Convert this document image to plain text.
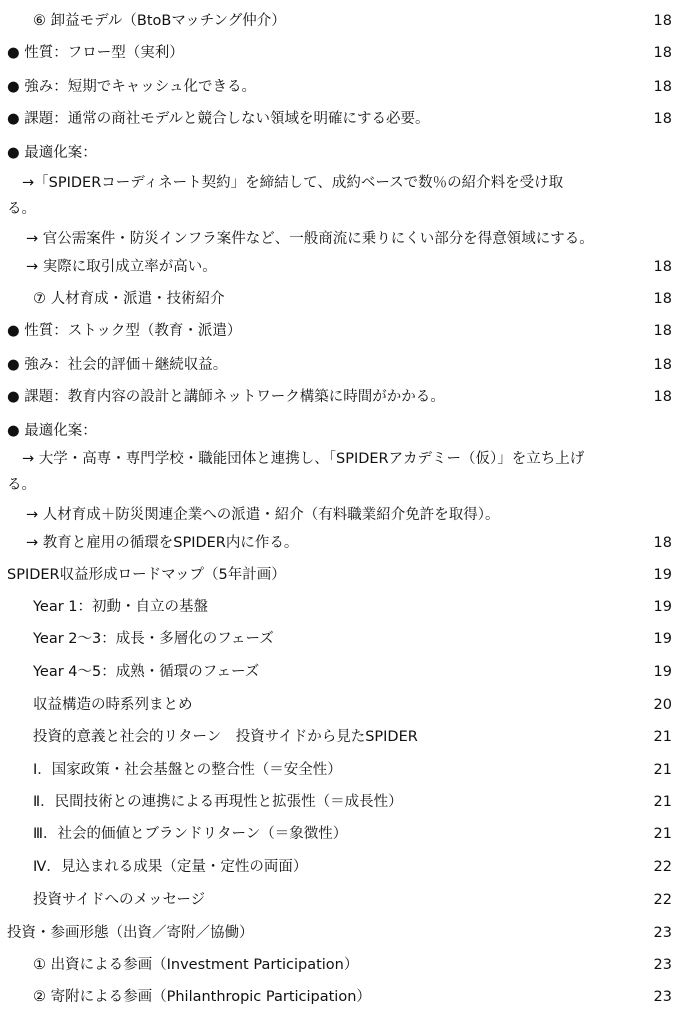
⑥ 卸益モデル（BtoBマッチング仲介）	18
● 性質：フロー型（実利）	18
● 強み：短期でキャッシュ化できる。	18
● 課題：通常の商社モデルと競合しない領域を明確にする必要。	18
● 最適化案：
→「SPIDERコーディネート契約」を締結して、成約ベースで数％の紹介料を受け取
る。
→ 官公需案件・防災インフラ案件など、一般商流に乗りにくい部分を得意領域にする。
→ 実際に取引成立率が高い。	18
⑦ 人材育成・派遣・技術紹介	18
● 性質：ストック型（教育・派遣）	18
● 強み：社会的評価＋継続収益。	18
● 課題：教育内容の設計と講師ネットワーク構築に時間がかかる。	18
● 最適化案：
→ 大学・高専・専門学校・職能団体と連携し、「SPIDERアカデミー（仮）」を立ち上げ
る。
→ 人材育成＋防災関連企業への派遣・紹介（有料職業紹介免許を取得）。
→ 教育と雇用の循環をSPIDER内に作る。	18
SPIDER収益形成ロードマップ（5年計画）	19
Year 1：初動・自立の基盤	19
Year 2〜3：成長・多層化のフェーズ	19
Year 4〜5：成熟・循環のフェーズ	19
収益構造の時系列まとめ	20
投資的意義と社会的リターン　投資サイドから見たSPIDER	21
Ⅰ．国家政策・社会基盤との整合性（＝安全性）	21
Ⅱ．民間技術との連携による再現性と拡張性（＝成長性）	21
Ⅲ．社会的価値とブランドリターン（＝象徴性）	21
Ⅳ．見込まれる成果（定量・定性の両面）	22
投資サイドへのメッセージ	22
投資・参画形態（出資／寄附／協働）	23
① 出資による参画（Investment Participation）	23
② 寄附による参画（Philanthropic Participation）	23
